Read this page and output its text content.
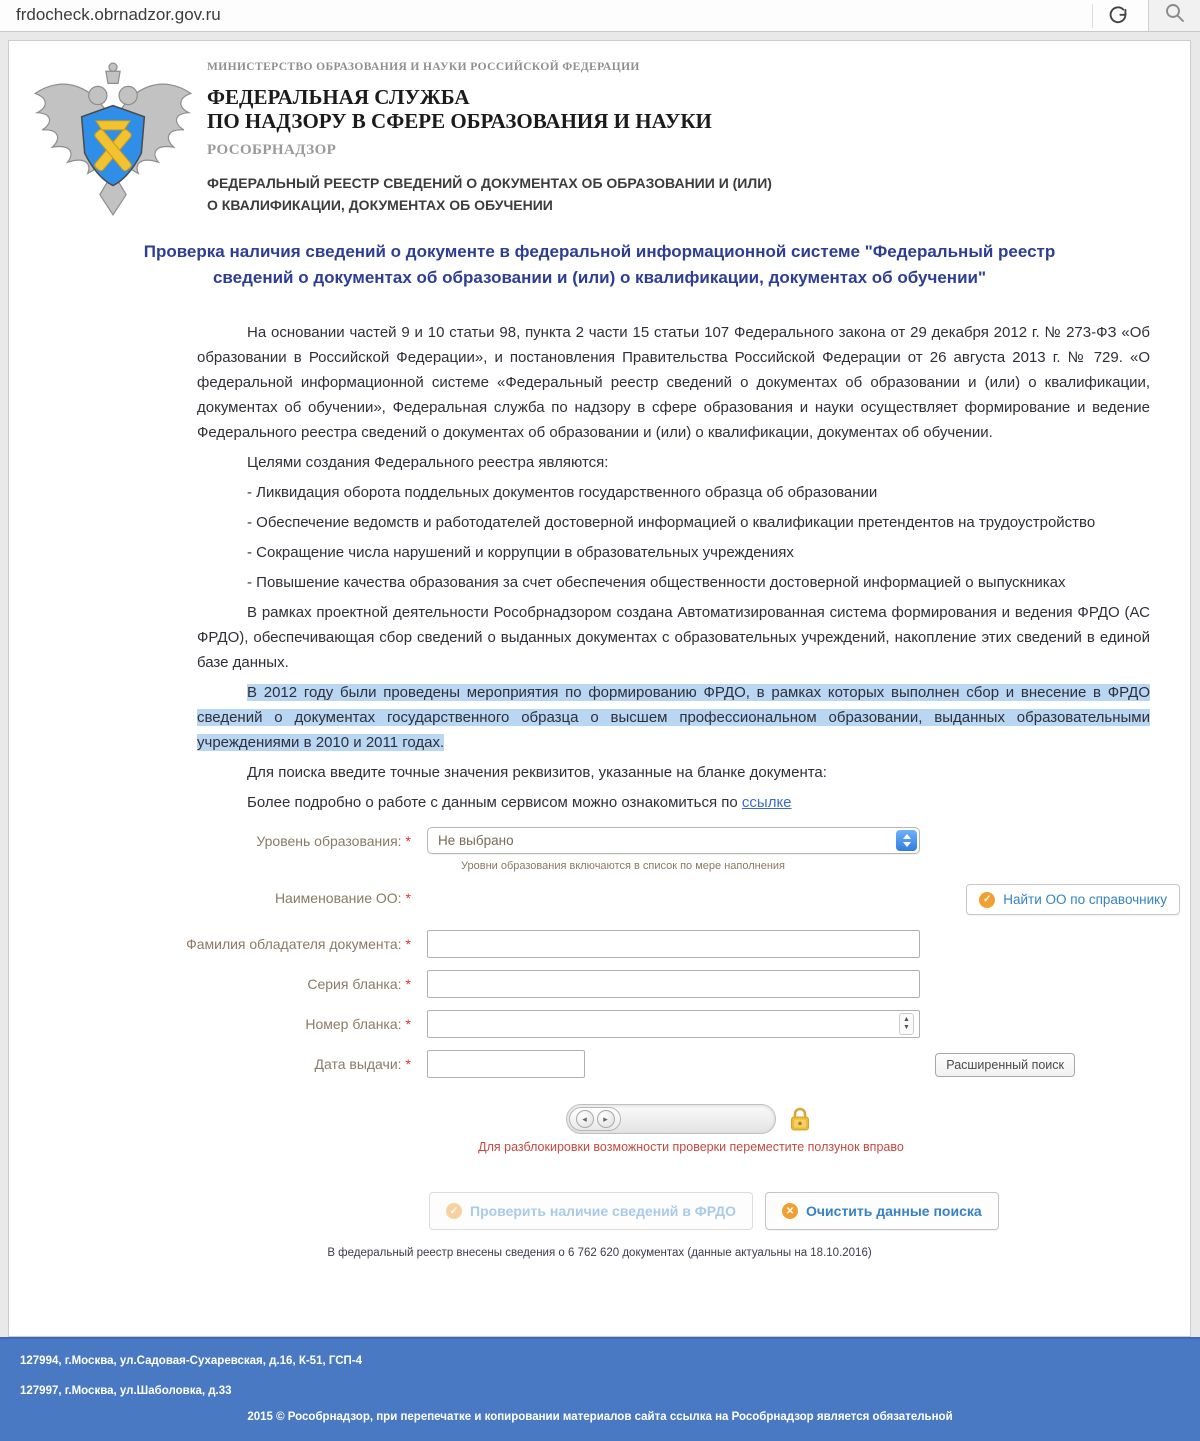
frdocheck.obrnadzor.gov.ru
МИНИСТЕРСТВО ОБРАЗОВАНИЯ И НАУКИ РОССИЙСКОЙ ФЕДЕРАЦИИ
ФЕДЕРАЛЬНАЯ СЛУЖБА
ПО НАДЗОРУ В СФЕРЕ ОБРАЗОВАНИЯ И НАУКИ
РОСОБРНАДЗОР
ФЕДЕРАЛЬНЫЙ РЕЕСТР СВЕДЕНИЙ О ДОКУМЕНТАХ ОБ ОБРАЗОВАНИИ И (ИЛИ)
О КВАЛИФИКАЦИИ, ДОКУМЕНТАХ ОБ ОБУЧЕНИИ
Проверка наличия сведений о документе в федеральной информационной системе "Федеральный реестр сведений о документах об образовании и (или) о квалификации, документах об обучении"

На основании частей 9 и 10 статьи 98, пункта 2 части 15 статьи 107 Федерального закона от 29 декабря 2012 г. № 273-ФЗ «Об образовании в Российской Федерации», и постановления Правительства Российской Федерации от 26 августа 2013 г. № 729. «О федеральной информационной системе «Федеральный реестр сведений о документах об образовании и (или) о квалификации, документах об обучении», Федеральная служба по надзору в сфере образования и науки осуществляет формирование и ведение Федерального реестра сведений о документах об образовании и (или) о квалификации, документах об обучении.

Целями создания Федерального реестра являются:

- Ликвидация оборота поддельных документов государственного образца об образовании

- Обеспечение ведомств и работодателей достоверной информацией о квалификации претендентов на трудоустройство

- Сокращение числа нарушений и коррупции в образовательных учреждениях

- Повышение качества образования за счет обеспечения общественности достоверной информацией о выпускниках

В рамках проектной деятельности Рособрнадзором создана Автоматизированная система формирования и ведения ФРДО (АС ФРДО), обеспечивающая сбор сведений о выданных документах с образовательных учреждений, накопление этих сведений в единой базе данных.

В 2012 году были проведены мероприятия по формированию ФРДО, в рамках которых выполнен сбор и внесение в ФРДО сведений о документах государственного образца о высшем профессиональном образовании, выданных образовательными учреждениями в 2010 и 2011 годах.

Для поиска введите точные значения реквизитов, указанные на бланке документа:

Более подробно о работе с данным сервисом можно ознакомиться по ссылке

Уровень образования: * Не выбрано
Уровни образования включаются в список по мере наполнения
Наименование ОО: *	✓ Найти ОО по справочнику
Фамилия обладателя документа: *
Серия бланка: *
Номер бланка: *	▲
▼
Дата выдачи: *	Расширенный поиск
◂	▸
Для разблокировки возможности проверки переместите ползунок вправо
✓ Проверить наличие сведений в ФРДО	✕ Очистить данные поиска
В федеральный реестр внесены сведения о 6 762 620 документах (данные актуальны на 18.10.2016)
127994, г.Москва, ул.Садовая-Сухаревская, д.16, К-51, ГСП-4
127997, г.Москва, ул.Шаболовка, д.33
2015 © Рособрнадзор, при перепечатке и копировании материалов сайта ссылка на Рособрнадзор является обязательной
